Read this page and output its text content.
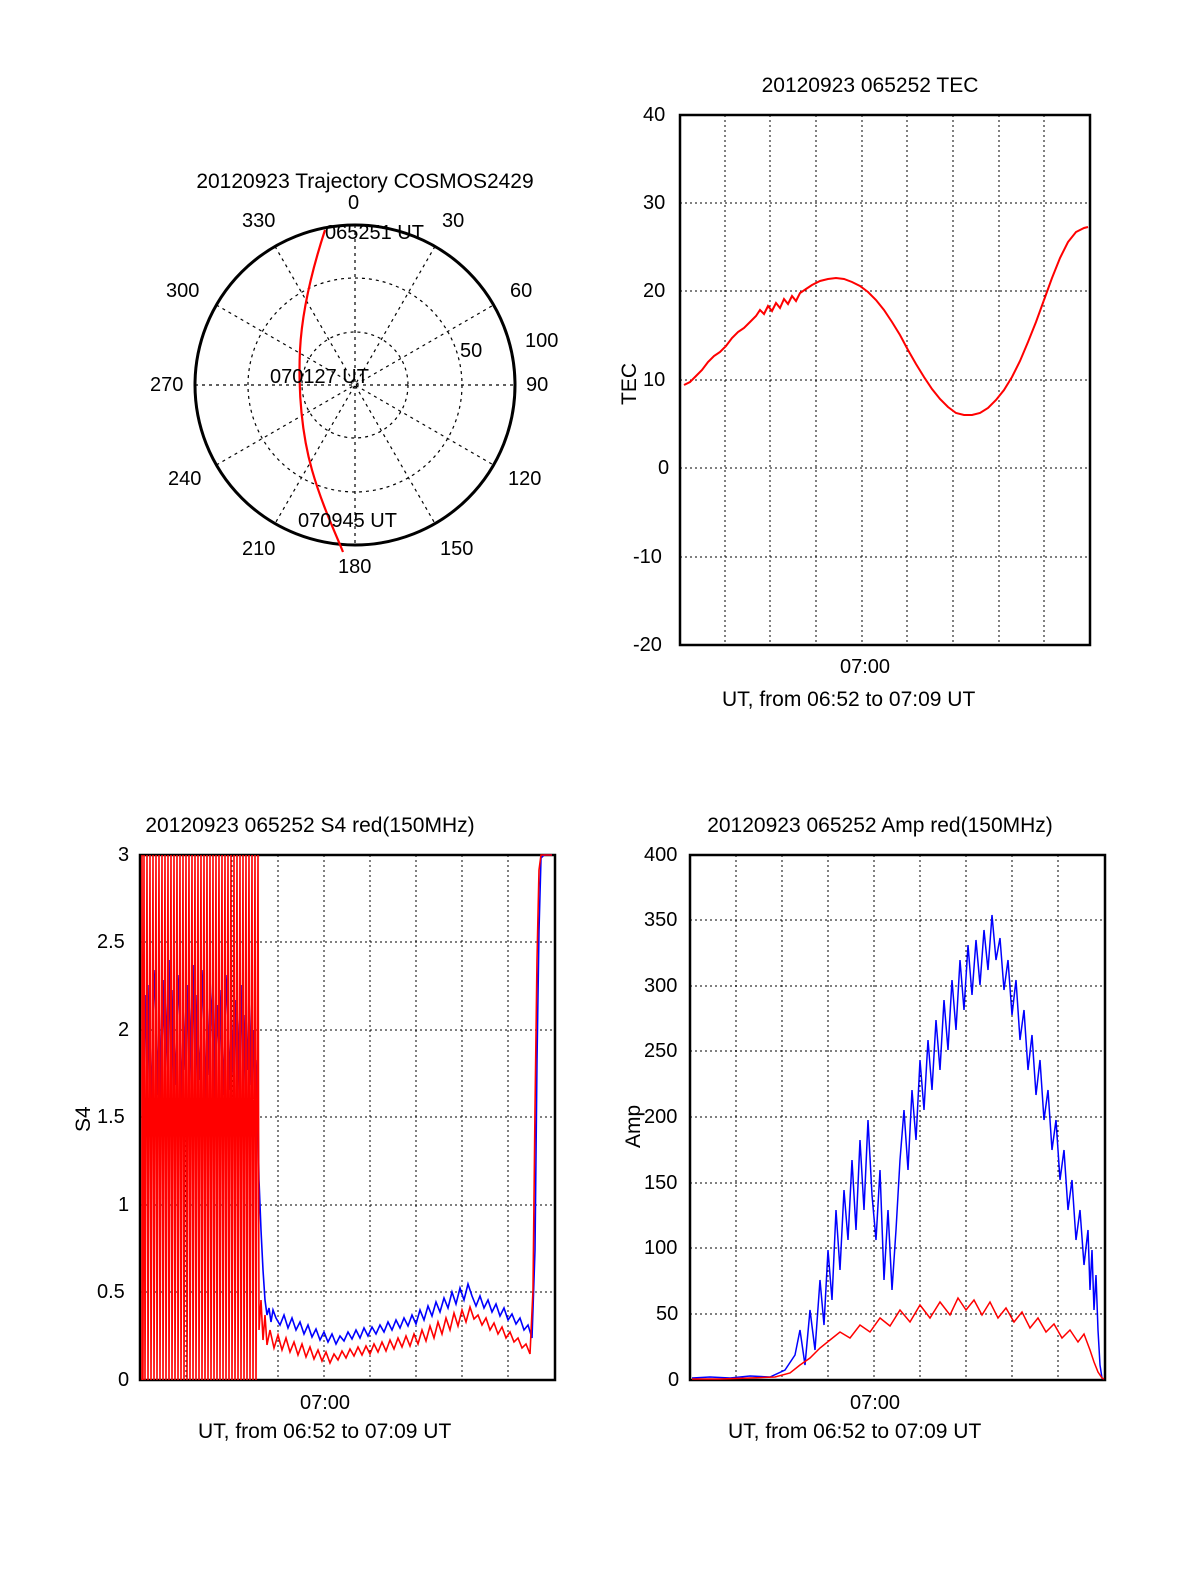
20120923 Trajectory COSMOS2429
0
30
60
90
120
150
180
210
240
270
300
330
50 100
065251 UT
070127 UT
070945 UT
20120923 065252 TEC
40
30
20
10
0
-10
-20
07:00
TEC
UT, from 06:52 to 07:09 UT
20120923 065252 S4 red(150MHz)
3
2.5
2
1.5
1
0.5
0
07:00
S4
UT, from 06:52 to 07:09 UT
20120923 065252 Amp red(150MHz)
400
350
300
250
200
150
100
50
0
07:00
Amp
UT, from 06:52 to 07:09 UT
